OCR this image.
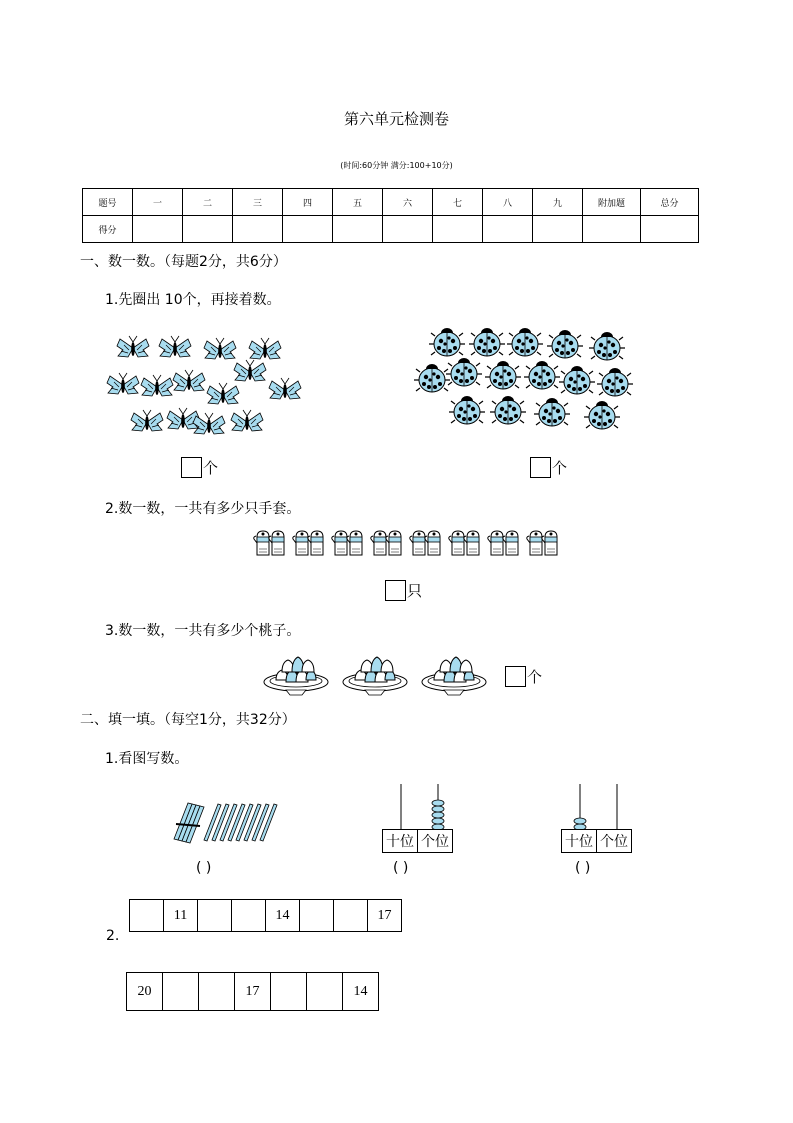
第六单元检测卷
(时间:60分钟 满分:100+10分)
题号	一	二	三	四	五	六	七	八	九	附加题	总分
得分											
一、数一数。（每题2分，共6分）
1.先圈出 10个，再接着数。
个	个
2.数一数，一共有多少只手套。
只
3.数一数，一共有多少个桃子。
个
二、填一填。（每空1分，共32分）
1.看图写数。
十位 个位	十位 个位
( )	( )	( )
2.
	11			14			17
20			17			14
